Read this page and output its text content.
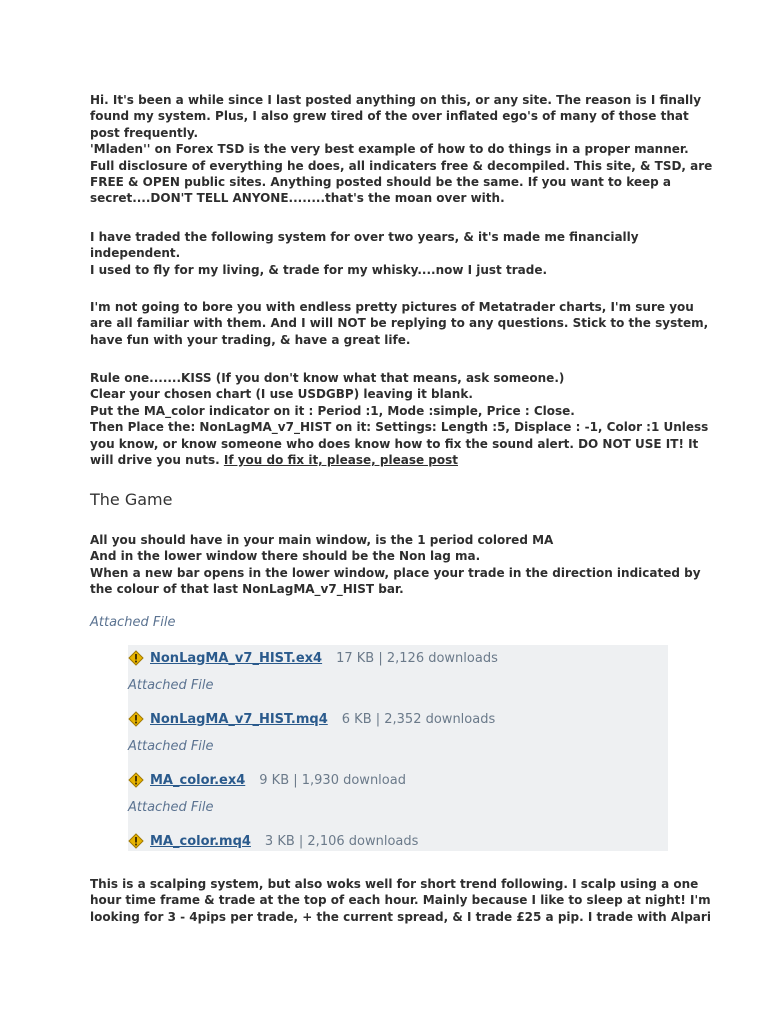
Hi. It's been a while since I last posted anything on this, or any site. The reason is I finally
found my system. Plus, I also grew tired of the over inflated ego's of many of those that
post frequently.
'Mladen'' on Forex TSD is the very best example of how to do things in a proper manner.
Full disclosure of everything he does, all indicaters free & decompiled. This site, & TSD, are
FREE & OPEN public sites. Anything posted should be the same. If you want to keep a
secret....DON'T TELL ANYONE........that's the moan over with.

I have traded the following system for over two years, & it's made me financially
independent.
I used to fly for my living, & trade for my whisky....now I just trade.

I'm not going to bore you with endless pretty pictures of Metatrader charts, I'm sure you
are all familiar with them. And I will NOT be replying to any questions. Stick to the system,
have fun with your trading, & have a great life.

Rule one.......KISS (If you don't know what that means, ask someone.)
Clear your chosen chart (I use USDGBP) leaving it blank.
Put the MA_color indicator on it : Period :1, Mode :simple, Price : Close.
Then Place the: NonLagMA_v7_HIST on it: Settings: Length :5, Displace : -1, Color :1 Unless
you know, or know someone who does know how to fix the sound alert. DO NOT USE IT! It
will drive you nuts. If you do fix it, please, please post

The Game

All you should have in your main window, is the 1 period colored MA
And in the lower window there should be the Non lag ma.
When a new bar opens in the lower window, place your trade in the direction indicated by
the colour of that last NonLagMA_v7_HIST bar.

Attached File
NonLagMA_v7_HIST.ex4 17 KB | 2,126 downloads
Attached File
NonLagMA_v7_HIST.mq4 6 KB | 2,352 downloads
Attached File
MA_color.ex4 9 KB | 1,930 download
Attached File
MA_color.mq4 3 KB | 2,106 downloads

This is a scalping system, but also woks well for short trend following. I scalp using a one
hour time frame & trade at the top of each hour. Mainly because I like to sleep at night! I'm
looking for 3 - 4pips per trade, + the current spread, & I trade £25 a pip. I trade with Alpari
